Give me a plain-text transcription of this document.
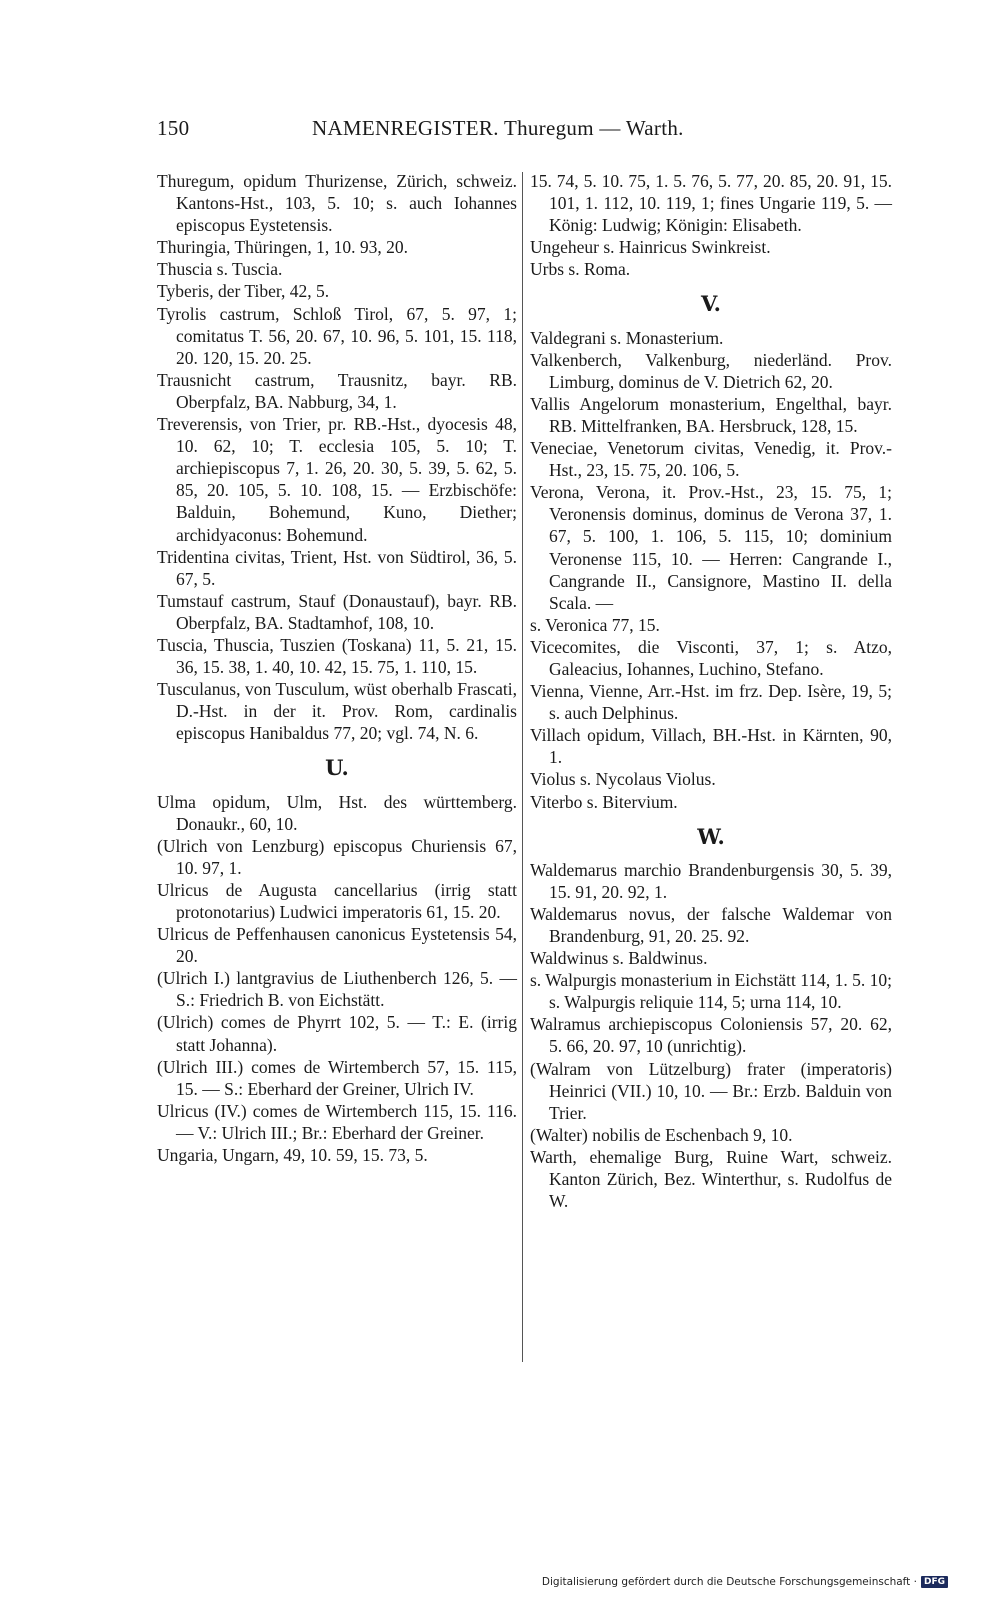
150	NAMENREGISTER. Thuregum — Warth.

Thuregum, opidum Thurizense, Zürich, schweiz. Kantons-Hst., 103, 5. 10; s. auch Iohannes episcopus Eystetensis.

Thuringia, Thüringen, 1, 10. 93, 20.

Thuscia s. Tuscia.

Tyberis, der Tiber, 42, 5.

Tyrolis castrum, Schloß Tirol, 67, 5. 97, 1; comitatus T. 56, 20. 67, 10. 96, 5. 101, 15. 118, 20. 120, 15. 20. 25.

Trausnicht castrum, Trausnitz, bayr. RB. Oberpfalz, BA. Nabburg, 34, 1.

Treverensis, von Trier, pr. RB.-Hst., dyocesis 48, 10. 62, 10; T. ecclesia 105, 5. 10; T. archiepiscopus 7, 1. 26, 20. 30, 5. 39, 5. 62, 5. 85, 20. 105, 5. 10. 108, 15. — Erzbischöfe: Balduin, Bohemund, Kuno, Diether; archidyaconus: Bohemund.

Tridentina civitas, Trient, Hst. von Südtirol, 36, 5. 67, 5.

Tumstauf castrum, Stauf (Donaustauf), bayr. RB. Oberpfalz, BA. Stadtamhof, 108, 10.

Tuscia, Thuscia, Tuszien (Toskana) 11, 5. 21, 15. 36, 15. 38, 1. 40, 10. 42, 15. 75, 1. 110, 15.

Tusculanus, von Tusculum, wüst oberhalb Frascati, D.-Hst. in der it. Prov. Rom, cardinalis episcopus Hanibaldus 77, 20; vgl. 74, N. 6.

U.

Ulma opidum, Ulm, Hst. des württemberg. Donaukr., 60, 10.

(Ulrich von Lenzburg) episcopus Churiensis 67, 10. 97, 1.

Ulricus de Augusta cancellarius (irrig statt protonotarius) Ludwici imperatoris 61, 15. 20.

Ulricus de Peffenhausen canonicus Eystetensis 54, 20.

(Ulrich I.) lantgravius de Liuthenberch 126, 5. — S.: Friedrich B. von Eichstätt.

(Ulrich) comes de Phyrrt 102, 5. — T.: E. (irrig statt Johanna).

(Ulrich III.) comes de Wirtemberch 57, 15. 115, 15. — S.: Eberhard der Greiner, Ulrich IV.

Ulricus (IV.) comes de Wirtemberch 115, 15. 116. — V.: Ulrich III.; Br.: Eberhard der Greiner.

Ungaria, Ungarn, 49, 10. 59, 15. 73, 5.

15. 74, 5. 10. 75, 1. 5. 76, 5. 77, 20. 85, 20. 91, 15. 101, 1. 112, 10. 119, 1; fines Ungarie 119, 5. — König: Ludwig; Königin: Elisabeth.

Ungeheur s. Hainricus Swinkreist.

Urbs s. Roma.

V.

Valdegrani s. Monasterium.

Valkenberch, Valkenburg, niederländ. Prov. Limburg, dominus de V. Dietrich 62, 20.

Vallis Angelorum monasterium, Engelthal, bayr. RB. Mittelfranken, BA. Hersbruck, 128, 15.

Veneciae, Venetorum civitas, Venedig, it. Prov.-Hst., 23, 15. 75, 20. 106, 5.

Verona, Verona, it. Prov.-Hst., 23, 15. 75, 1; Veronensis dominus, dominus de Verona 37, 1. 67, 5. 100, 1. 106, 5. 115, 10; dominium Veronense 115, 10. — Herren: Cangrande I., Cangrande II., Cansignore, Mastino II. della Scala. —

s. Veronica 77, 15.

Vicecomites, die Visconti, 37, 1; s. Atzo, Galeacius, Iohannes, Luchino, Stefano.

Vienna, Vienne, Arr.-Hst. im frz. Dep. Isère, 19, 5; s. auch Delphinus.

Villach opidum, Villach, BH.-Hst. in Kärnten, 90, 1.

Violus s. Nycolaus Violus.

Viterbo s. Bitervium.

W.

Waldemarus marchio Brandenburgensis 30, 5. 39, 15. 91, 20. 92, 1.

Waldemarus novus, der falsche Waldemar von Brandenburg, 91, 20. 25. 92.

Waldwinus s. Baldwinus.

s. Walpurgis monasterium in Eichstätt 114, 1. 5. 10; s. Walpurgis reliquie 114, 5; urna 114, 10.

Walramus archiepiscopus Coloniensis 57, 20. 62, 5. 66, 20. 97, 10 (unrichtig).

(Walram von Lützelburg) frater (imperatoris) Heinrici (VII.) 10, 10. — Br.: Erzb. Balduin von Trier.

(Walter) nobilis de Eschenbach 9, 10.

Warth, ehemalige Burg, Ruine Wart, schweiz. Kanton Zürich, Bez. Winterthur, s. Rudolfus de W.

Digitalisierung gefördert durch die Deutsche Forschungsgemeinschaft · DFG
